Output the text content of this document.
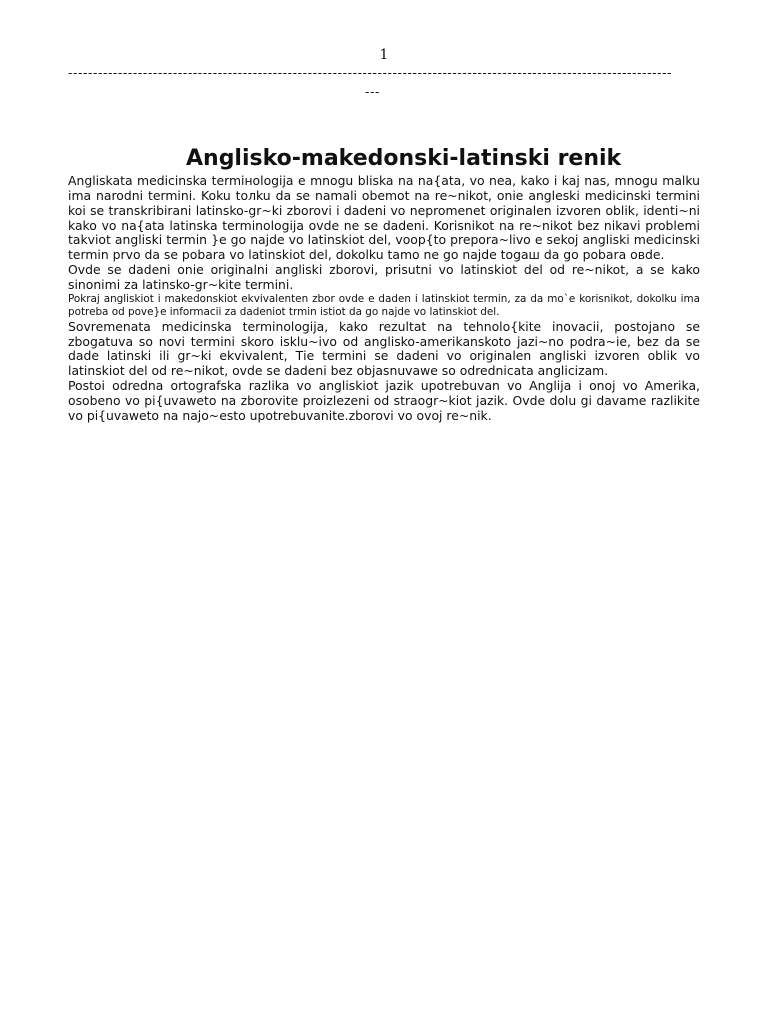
1
-------------------------------------------------------------------------------------------------------------------------
---
Anglisko-makedonski-latinski renik

Angliskata medicinska termiнologija e mnogu bliska na na{ata, vo nea, kako i kaj nas, mnogu malku ima narodni termini. Koku toлku da se namali obemot na re~nikot, onie angleski medicinski termini koi se transkribirani latinsko-gr~ki zborovi i dadeni vo nepromenet originalen izvoren oblik, identi~ni kako vo na{ata latinska terminologija ovde ne se dadeni. Korisnikot na re~nikot bez nikavi problemi takviot angliski termin }e go najde vo latinskiot del, voop{to prepora~livo e sekoj angliski medicinski termin prvo da se pobara vo latinskiot del, dokolku tamo ne go najde togaш da go pobara oвde.

Ovde se dadeni onie originalni angliski zborovi, prisutni vo latinskiot del od re~nikot, a se kako sinonimi za latinsko-gr~kite termini.

Pokraj angliskiot i makedonskiot ekvivalenten zbor ovde e daden i latinskiot termin, za da mo`e korisnikot, dokolku ima potreba od pove}e informacii za dadeniot trmin istiot da go najde vo latinskiot del.

Sovremenata medicinska terminologija, kako rezultat na tehnolo{kite inovacii, postojano se zbogatuva so novi termini skoro isklu~ivo od anglisko-amerikanskoto jazi~no podra~ie, bez da se dade latinski ili gr~ki ekvivalent, Тie termini se dadeni vo originalen angliski izvoren oblik vo latinskiot del od re~nikot, ovde se dadeni bez objasnuvawe so odrednicata anglicizam.

Postoi odredna ortografska razlika vo angliskiot jazik upotrebuvan vo Anglija i onoj vo Amerika, osobeno vo pi{uvaweto na zborovite proizlezeni od straogr~kiot jazik. Ovde dolu gi davame razlikite vo pi{uvaweto na najo~esto upotrebuvanite.zborovi vo ovoj re~nik.
